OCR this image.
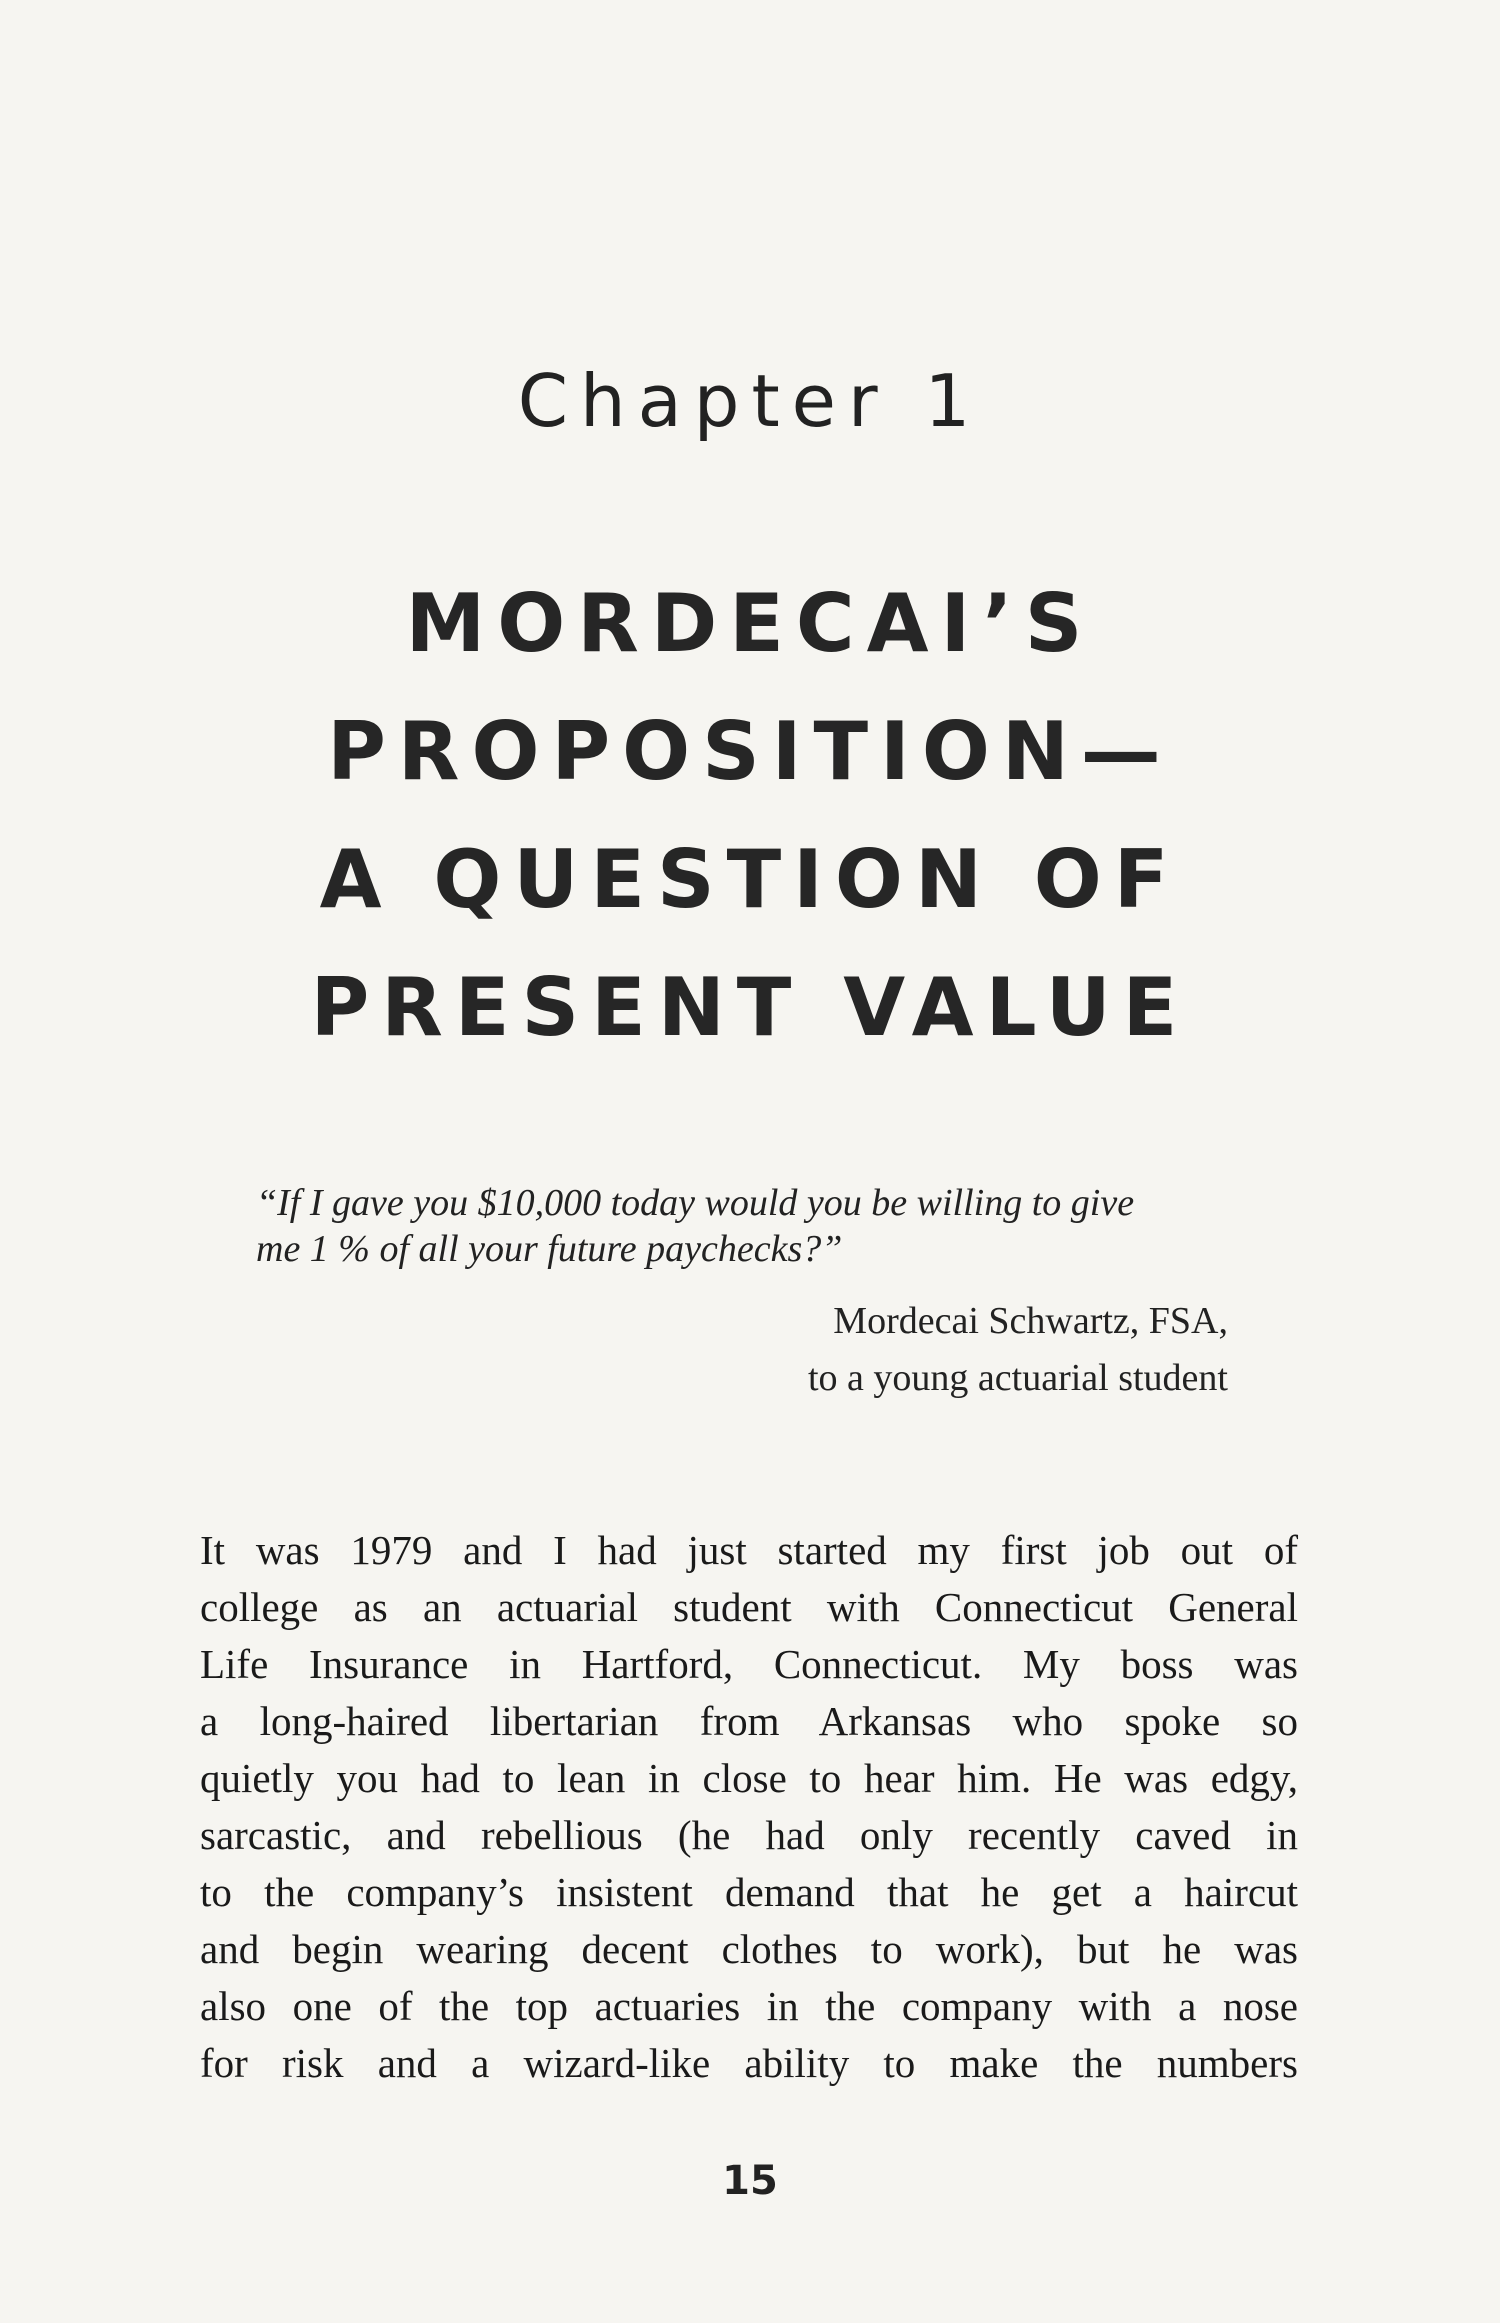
Chapter 1
MORDECAI’S
PROPOSITION—
A QUESTION OF
PRESENT VALUE
“If I gave you $10,000 today would you be willing to give
me 1 % of all your future paychecks?”
Mordecai Schwartz, FSA,
to a young actuarial student
It was 1979 and I had just started my first job out of
college as an actuarial student with Connecticut General
Life Insurance in Hartford, Connecticut. My boss was
a long-haired libertarian from Arkansas who spoke so
quietly you had to lean in close to hear him. He was edgy,
sarcastic, and rebellious (he had only recently caved in
to the company’s insistent demand that he get a haircut
and begin wearing decent clothes to work), but he was
also one of the top actuaries in the company with a nose
for risk and a wizard-like ability to make the numbers
15
